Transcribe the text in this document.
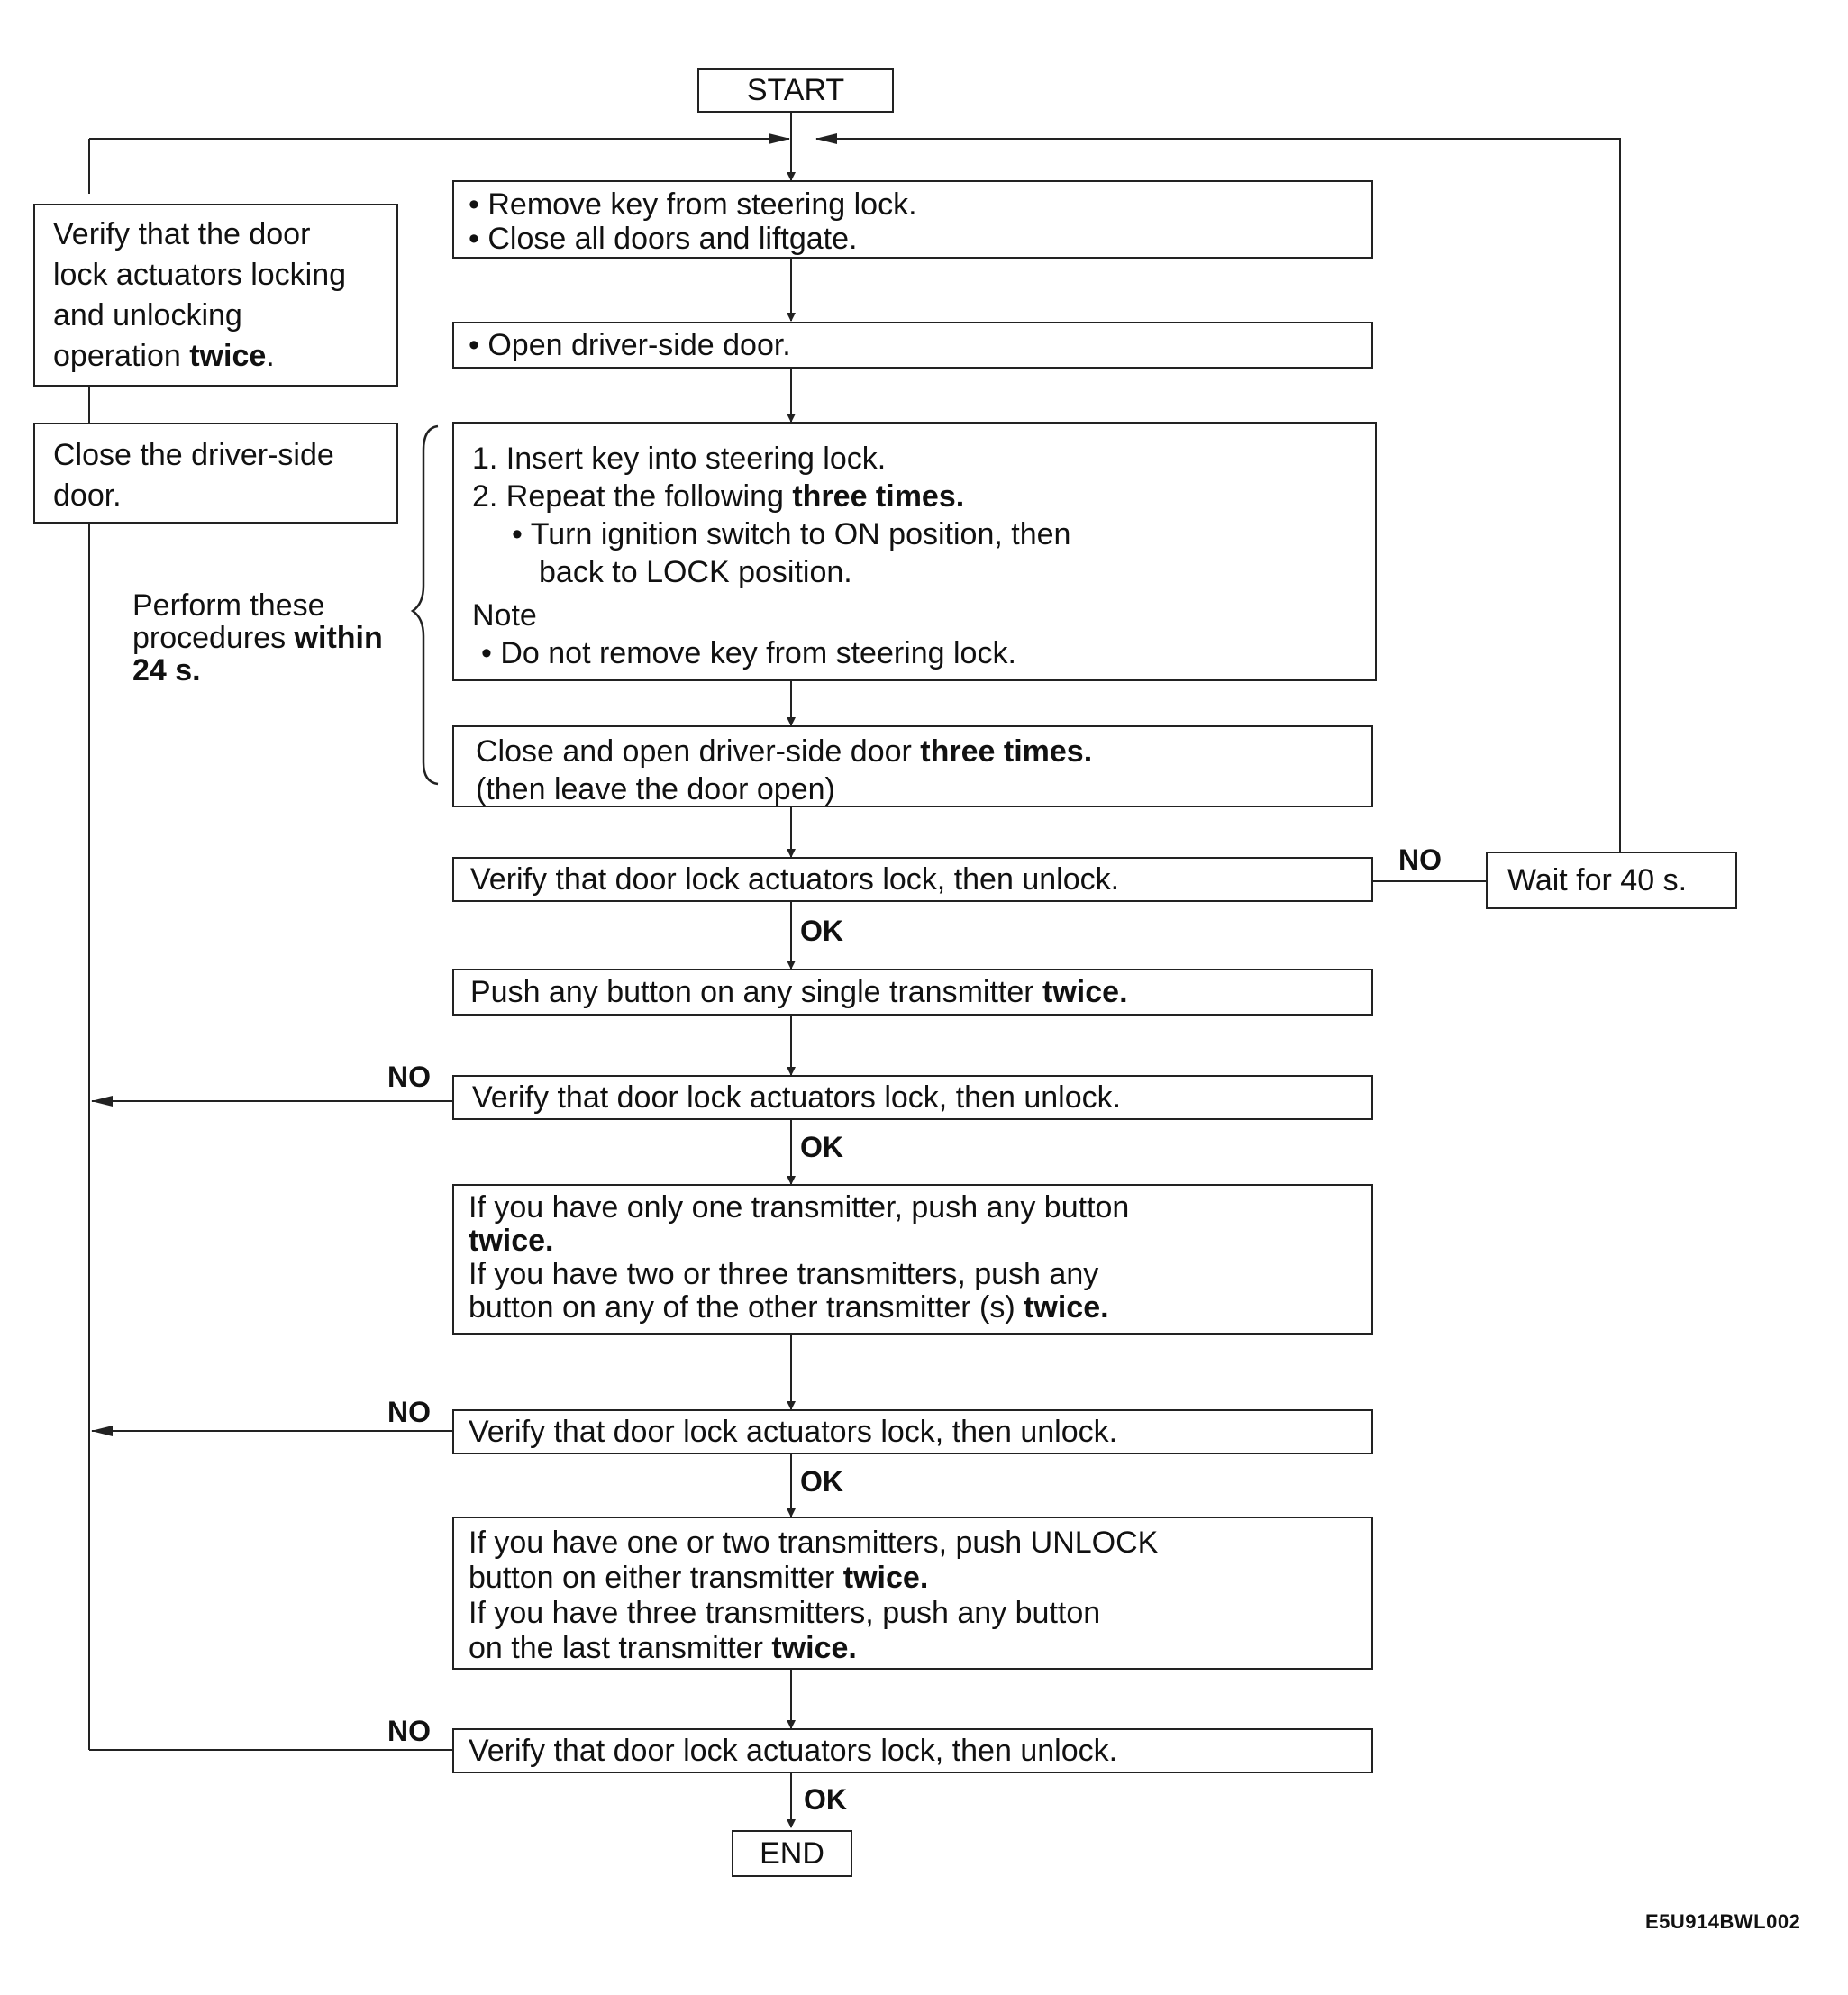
START
END

• Remove key from steering lock.

• Close all doors and liftgate.

• Open driver-side door.

1. Insert key into steering lock.

2. Repeat the following three times.

• Turn ignition switch to ON position, then

back to LOCK position.

Note

• Do not remove key from steering lock.

Close and open driver-side door three times.

(then leave the door open)

Verify that door lock actuators lock, then unlock.	Wait for 40 s.

Push any button on any single transmitter twice.

Verify that door lock actuators lock, then unlock.

If you have only one transmitter, push any button

twice.

If you have two or three transmitters, push any

button on any of the other transmitter (s) twice.

Verify that door lock actuators lock, then unlock.

If you have one or two transmitters, push UNLOCK

button on either transmitter twice.

If you have three transmitters, push any button

on the last transmitter twice.

Verify that door lock actuators lock, then unlock.

Verify that the door

lock actuators locking

and unlocking

operation twice.

Close the driver-side

door.

Perform these

procedures within

24 s.

NO
NO
NO
NO
OK
OK
OK
OK
E5U914BWL002
